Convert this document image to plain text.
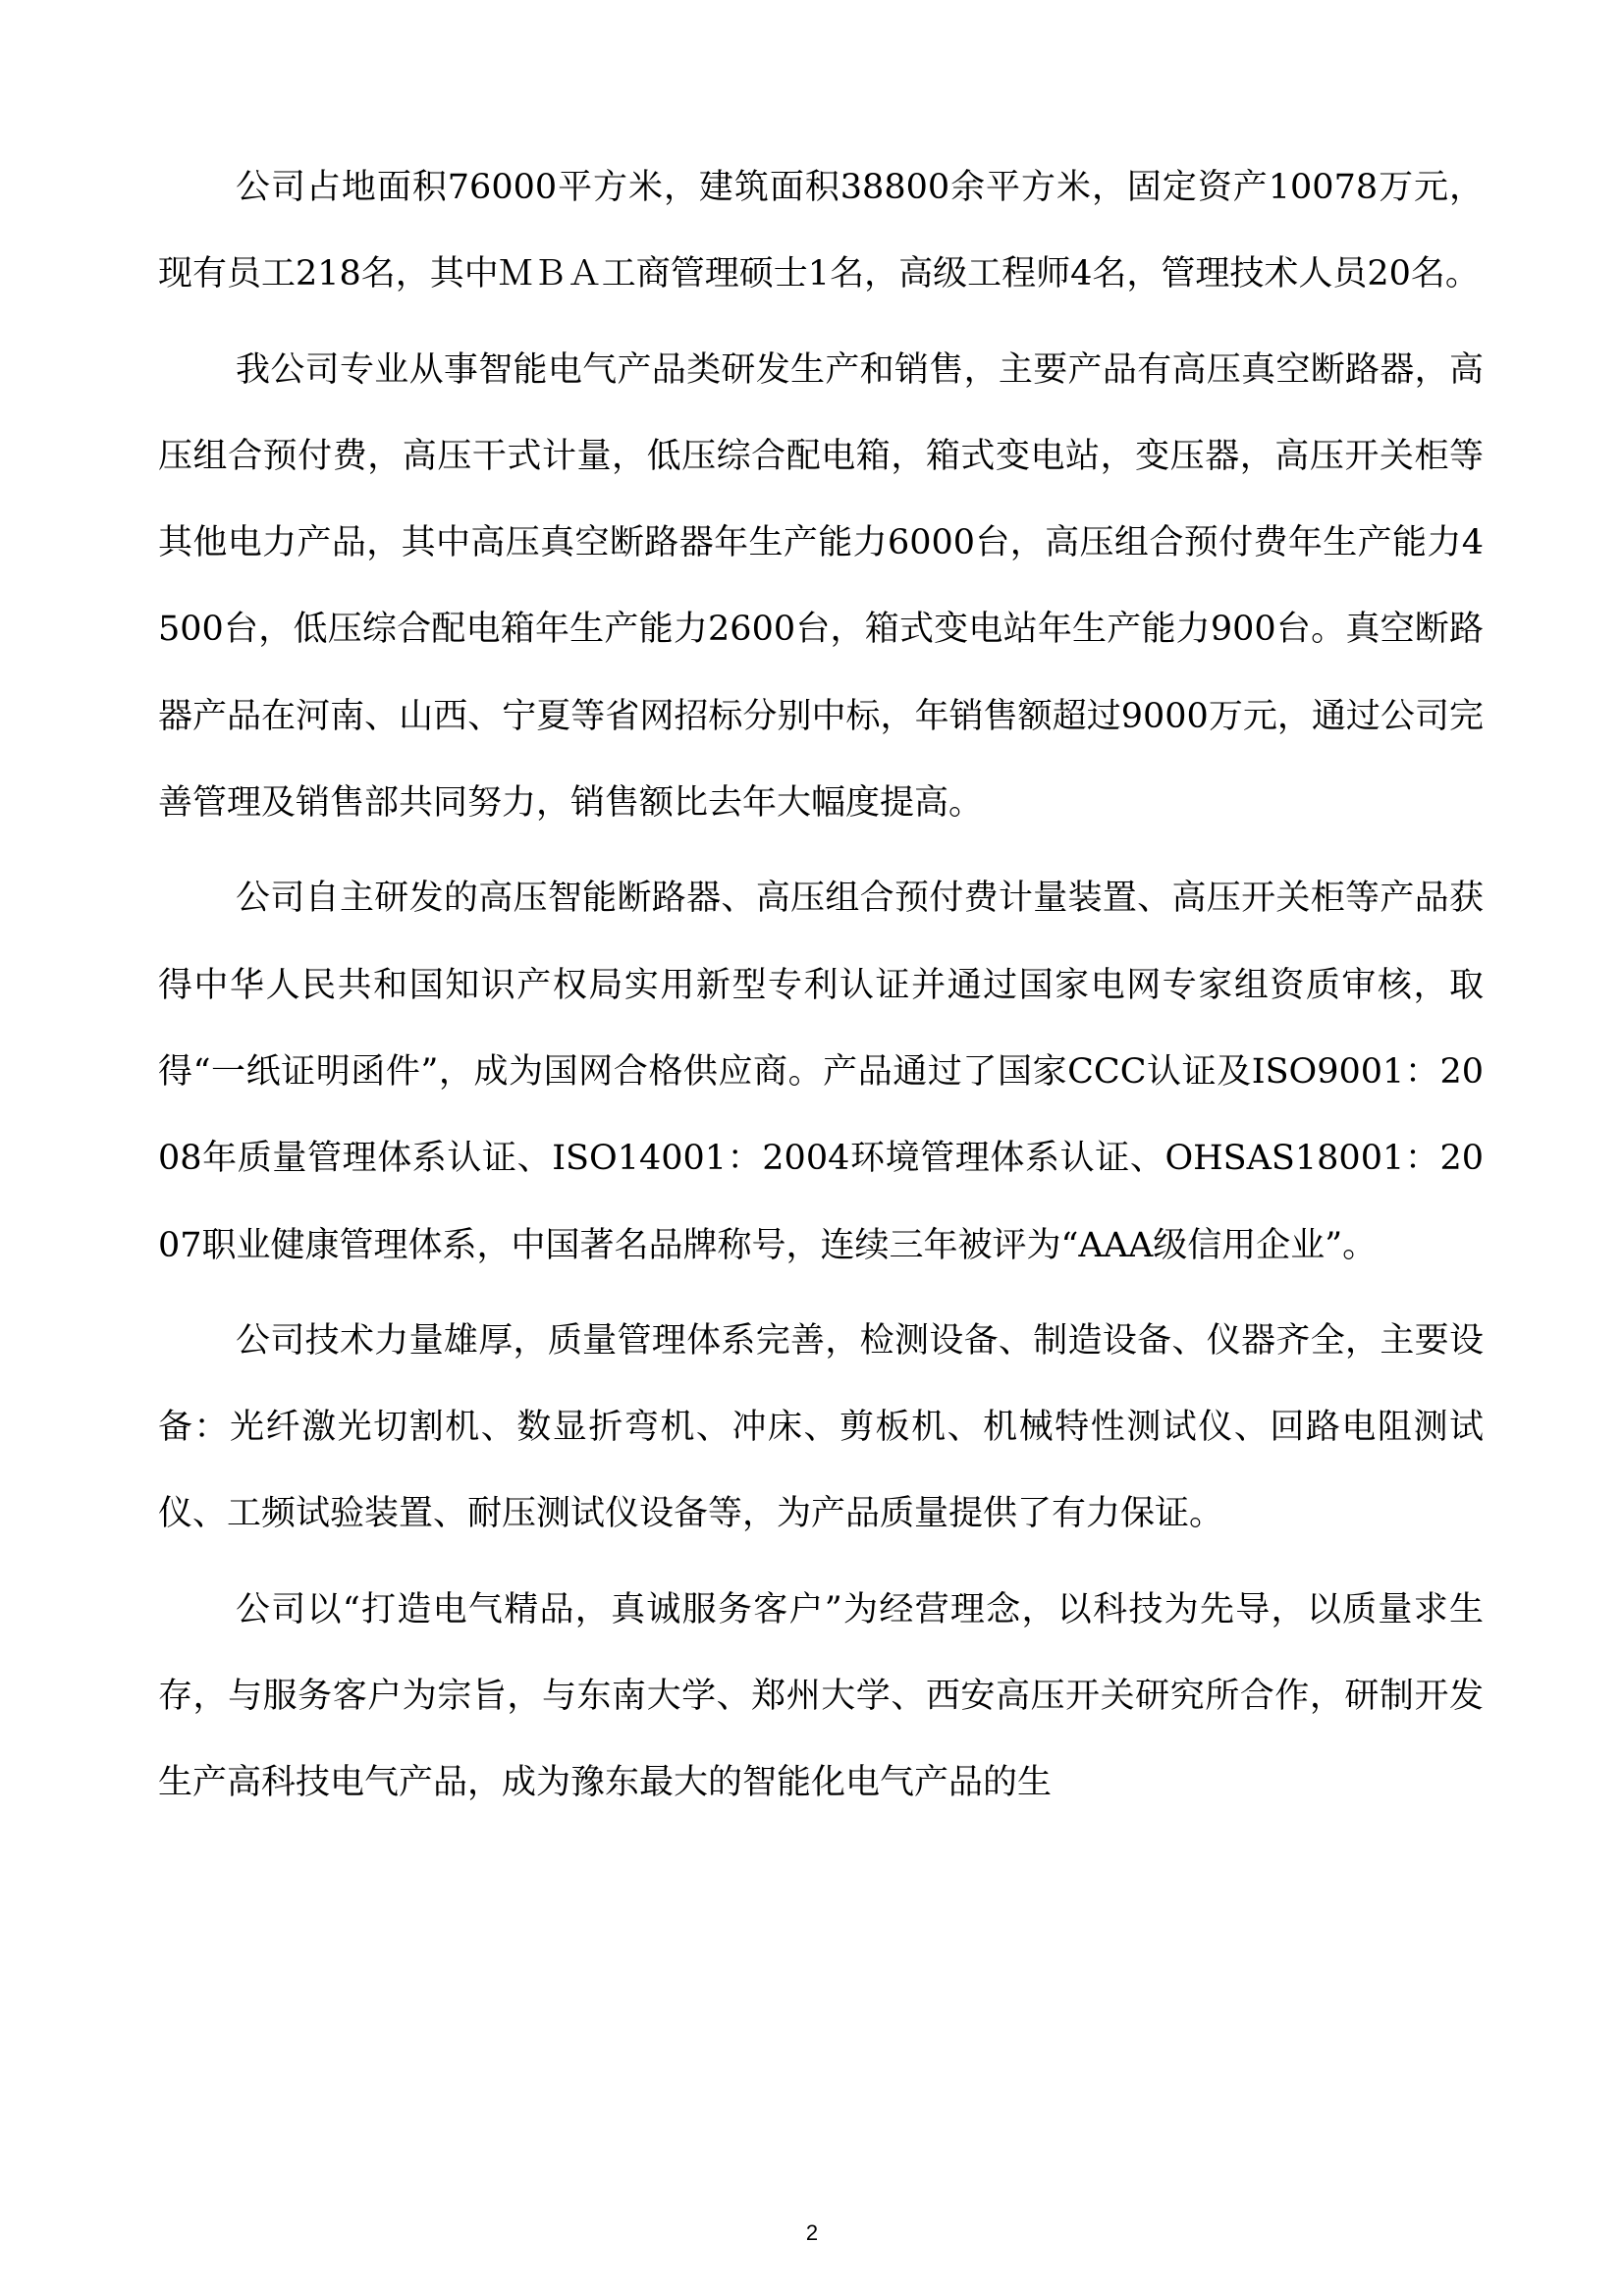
公司占地面积76000平方米，建筑面积38800余平方米，固定资产10078万元，现有员工218名，其中ＭＢＡ工商管理硕士1名，高级工程师4名，管理技术人员20名。

我公司专业从事智能电气产品类研发生产和销售，主要产品有高压真空断路器，高压组合预付费，高压干式计量，低压综合配电箱，箱式变电站，变压器，高压开关柜等其他电力产品，其中高压真空断路器年生产能力6000台，高压组合预付费年生产能力4500台，低压综合配电箱年生产能力2600台，箱式变电站年生产能力900台。真空断路器产品在河南、山西、宁夏等省网招标分别中标，年销售额超过9000万元，通过公司完善管理及销售部共同努力，销售额比去年大幅度提高。

公司自主研发的高压智能断路器、高压组合预付费计量装置、高压开关柜等产品获得中华人民共和国知识产权局实用新型专利认证并通过国家电网专家组资质审核，取得“一纸证明函件”，成为国网合格供应商。产品通过了国家CCC认证及ISO9001：2008年质量管理体系认证、ISO14001：2004环境管理体系认证、OHSAS18001：2007职业健康管理体系，中国著名品牌称号，连续三年被评为“AAA级信用企业”。

公司技术力量雄厚，质量管理体系完善，检测设备、制造设备、仪器齐全，主要设备：光纤激光切割机、数显折弯机、冲床、剪板机、机械特性测试仪、回路电阻测试仪、工频试验装置、耐压测试仪设备等，为产品质量提供了有力保证。

公司以“打造电气精品，真诚服务客户”为经营理念，以科技为先导，以质量求生存，与服务客户为宗旨，与东南大学、郑州大学、西安高压开关研究所合作，研制开发生产高科技电气产品，成为豫东最大的智能化电气产品的生

2
